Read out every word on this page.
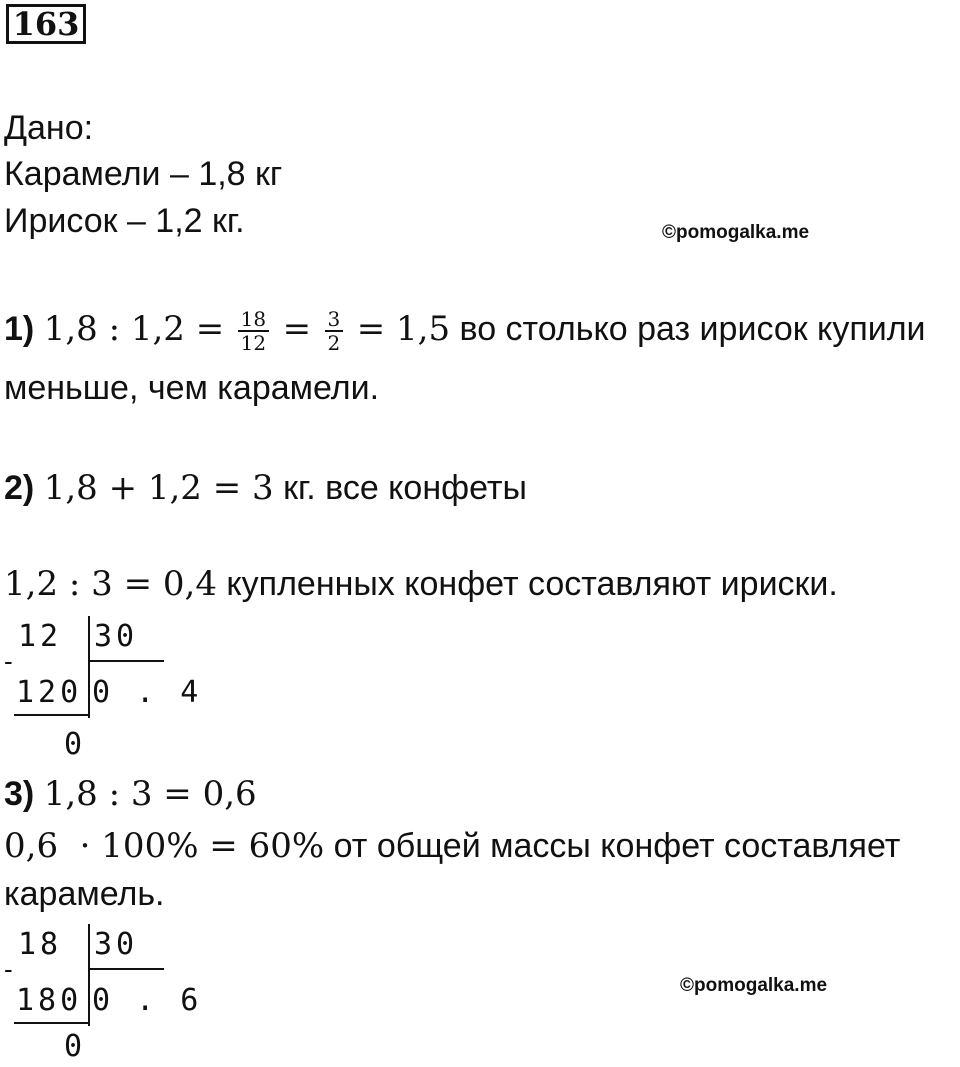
163
Дано:
Карамели – 1,8 кг
Ирисок – 1,2 кг.	©pomogalka.me
1) 1,8 : $1,2 = \frac{18}{12} = \frac{3}{2} = 1,5$ во столько раз ирисок купили
меньше, чем карамели.
2) 1,8 + 1,2 = 3 кг. все конфеты
1,2 : 3 = 0,4 купленных конфет составляют ириски.
12 30
-
120 0 . 4
0
3) 1,8 : 3 = 0,6
0,6  · 100% = 60% от общей массы конфет составляет
карамель.
18 30
-
180 0 . 6
0
©pomogalka.me
